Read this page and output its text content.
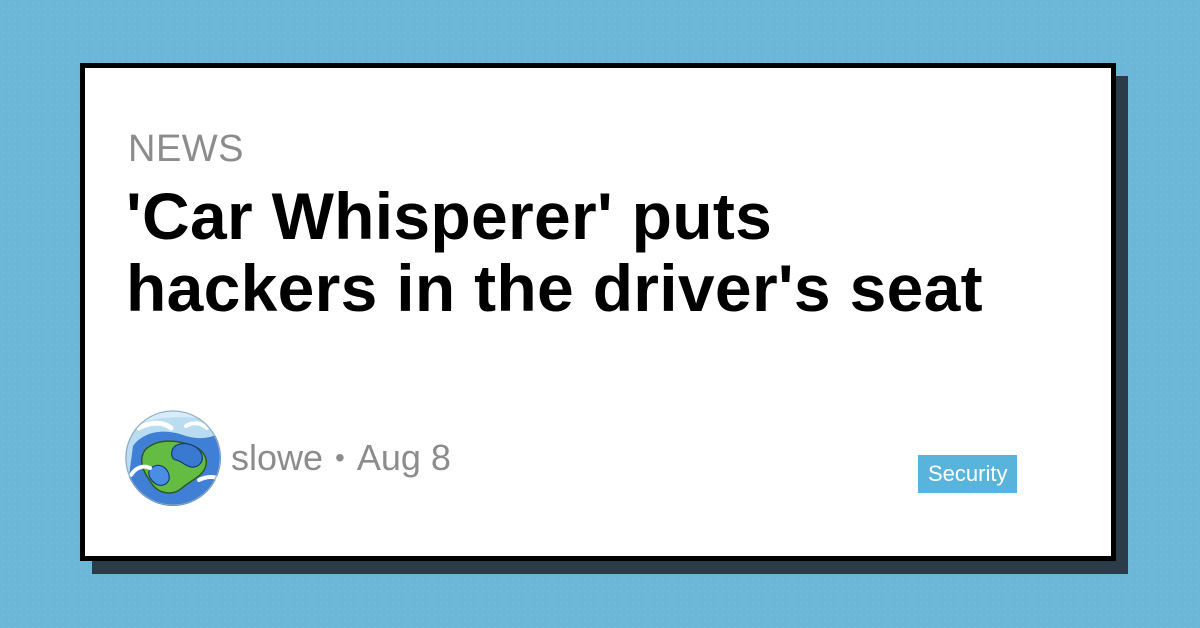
NEWS
'Car Whisperer' puts hackers in the driver's seat
slowe • Aug 8	Security
